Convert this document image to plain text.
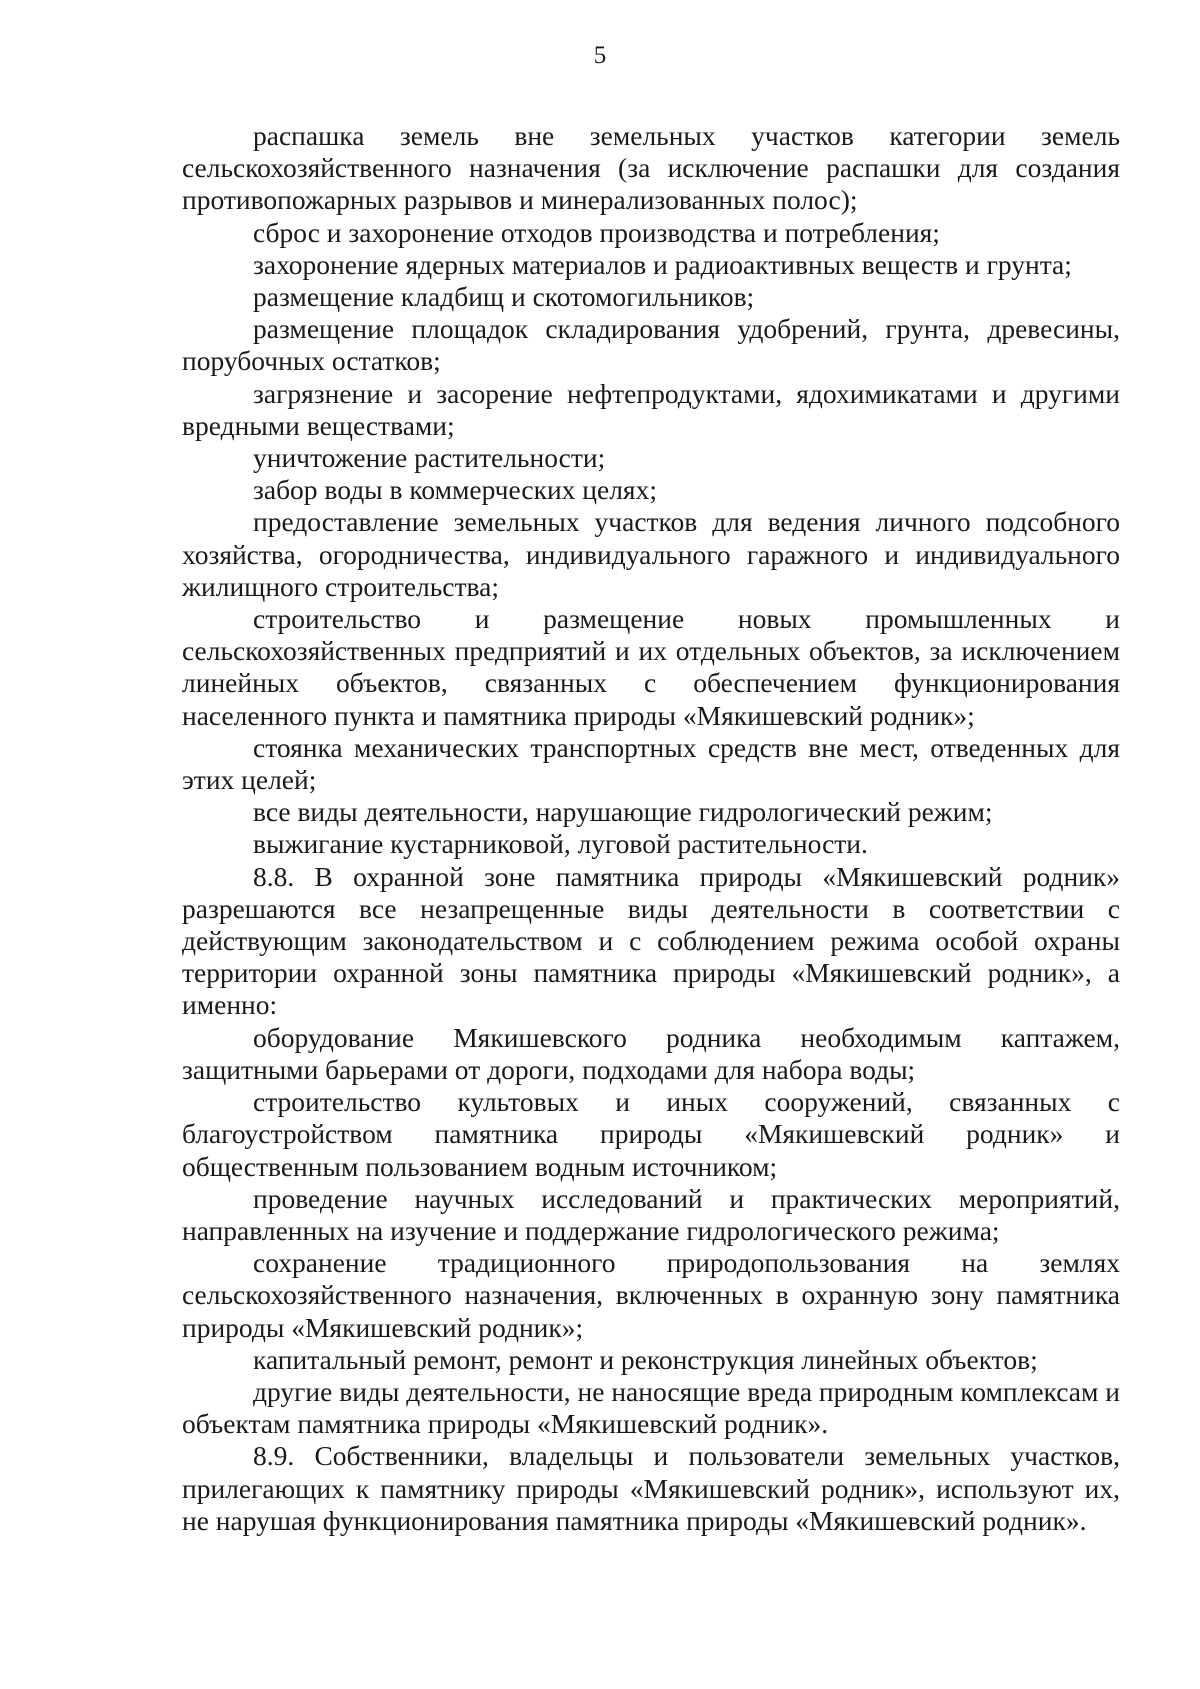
5

распашка земель вне земельных участков категории земель сельскохозяйственного назначения (за исключение распашки для создания противопожарных разрывов и минерализованных полос);

сброс и захоронение отходов производства и потребления;

захоронение ядерных материалов и радиоактивных веществ и грунта;

размещение кладбищ и скотомогильников;

размещение площадок складирования удобрений, грунта, древесины, порубочных остатков;

загрязнение и засорение нефтепродуктами, ядохимикатами и другими вредными веществами;

уничтожение растительности;

забор воды в коммерческих целях;

предоставление земельных участков для ведения личного подсобного хозяйства, огородничества, индивидуального гаражного и индивидуального жилищного строительства;

строительство и размещение новых промышленных и сельскохозяйственных предприятий и их отдельных объектов, за исключением линейных объектов, связанных с обеспечением функционирования населенного пункта и памятника природы «Мякишевский родник»;

стоянка механических транспортных средств вне мест, отведенных для этих целей;

все виды деятельности, нарушающие гидрологический режим;

выжигание кустарниковой, луговой растительности.

8.8. В охранной зоне памятника природы «Мякишевский родник» разрешаются все незапрещенные виды деятельности в соответствии с действующим законодательством и с соблюдением режима особой охраны территории охранной зоны памятника природы «Мякишевский родник», а именно:

оборудование Мякишевского родника необходимым каптажем, защитными барьерами от дороги, подходами для набора воды;

строительство культовых и иных сооружений, связанных с благоустройством памятника природы «Мякишевский родник» и общественным пользованием водным источником;

проведение научных исследований и практических мероприятий, направленных на изучение и поддержание гидрологического режима;

сохранение традиционного природопользования на землях сельскохозяйственного назначения, включенных в охранную зону памятника природы «Мякишевский родник»;

капитальный ремонт, ремонт и реконструкция линейных объектов;

другие виды деятельности, не наносящие вреда природным комплексам и объектам памятника природы «Мякишевский родник».

8.9. Собственники, владельцы и пользователи земельных участков, прилегающих к памятнику природы «Мякишевский родник», используют их, не нарушая функционирования памятника природы «Мякишевский родник».
